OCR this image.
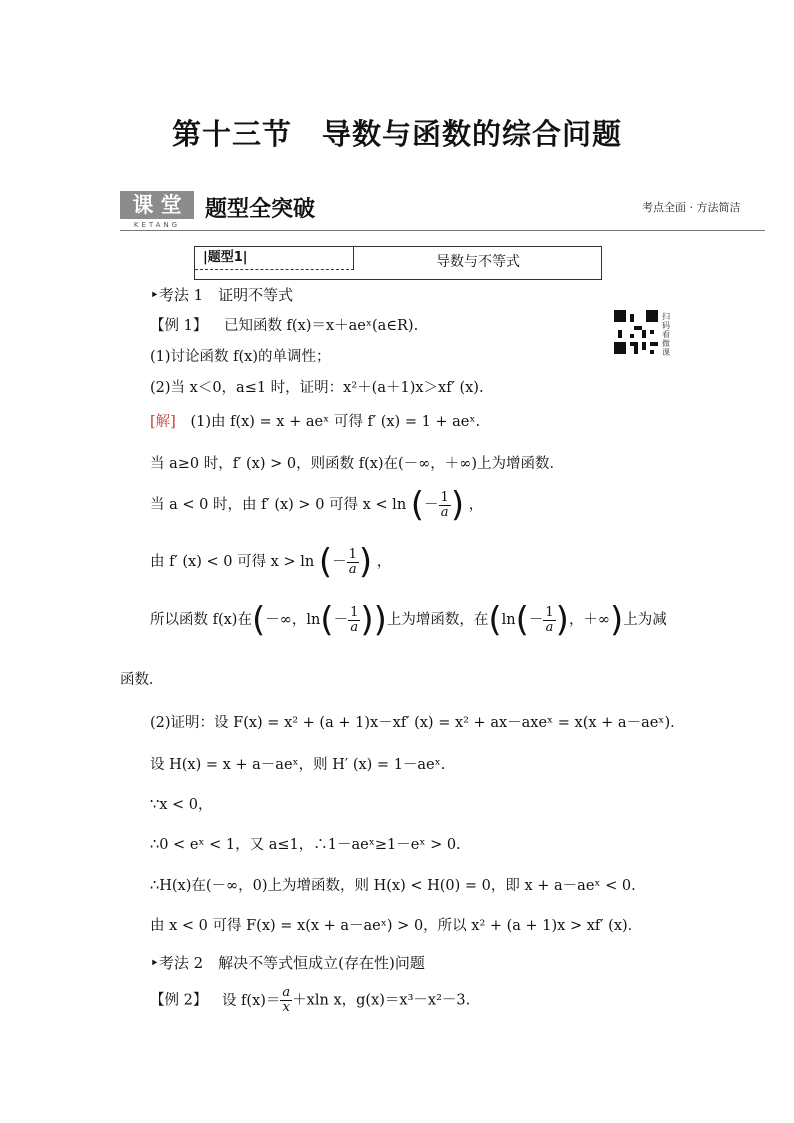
第十三节　导数与函数的综合问题
课 堂
KETANG
题型全突破	考点全面 · 方法简洁
|题型1|	导数与不等式
‣考法 1　证明不等式
扫码看微课
【例 1】 已知函数 f(x)＝x＋aeˣ(a∈R).
(1)讨论函数 f(x)的单调性；
(2)当 x＜0，a≤1 时，证明：x²＋(a＋1)x＞xf′ (x).
[解] (1)由 f(x) = x + aeˣ 可得 f′ (x) = 1 + aeˣ.
当 a≥0 时，f′ (x) > 0，则函数 f(x)在(－∞，＋∞)上为增函数．
当 a < 0 时，由 f′ (x) > 0 可得 x < ln (－ $\frac{1}{a}$ ) ，
由 f′ (x) < 0 可得 x > ln (－ $\frac{1}{a}$ ) ，
所以函数 f(x)在(－∞，$\ln(- \frac{1}{a}$ ))上为增函数，在($\ln(- \frac{1}{a}$ )，＋∞)上为减
函数．
(2)证明：设 F(x) = x² + (a + 1)x－xf′ (x) = x² + ax－axeˣ = x(x + a－aeˣ)．
设 H(x) = x + a－aeˣ，则 H′ (x) = 1－aeˣ.
∵x < 0，
∴0 < eˣ < 1，又 a≤1，∴1－aeˣ≥1－eˣ > 0.
∴H(x)在(－∞，0)上为增函数，则 H(x) < H(0) = 0，即 x + a－aeˣ < 0.
由 x < 0 可得 F(x) = x(x + a－aeˣ) > 0，所以 x² + (a + 1)x > xf′ (x)．
‣考法 2　解决不等式恒成立(存在性)问题
【例 2】 设 $f(x)= \frac{a}{x} +xln$ x，g(x)＝x³－x²－3.
